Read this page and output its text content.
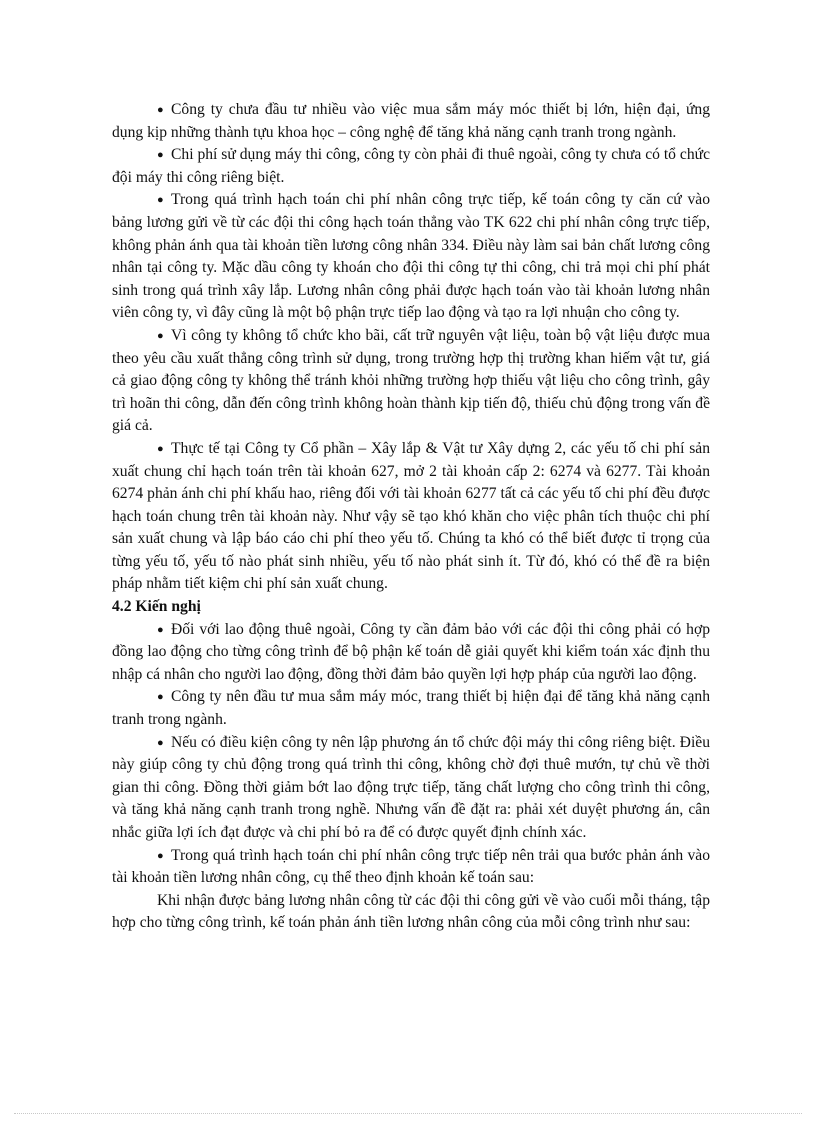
● Công ty chưa đầu tư nhiều vào việc mua sắm máy móc thiết bị lớn, hiện đại, ứng dụng kịp những thành tựu khoa học – công nghệ để tăng khả năng cạnh tranh trong ngành.

● Chi phí sử dụng máy thi công, công ty còn phải đi thuê ngoài, công ty chưa có tổ chức đội máy thi công riêng biệt.

● Trong quá trình hạch toán chi phí nhân công trực tiếp, kế toán công ty căn cứ vào bảng lương gửi về từ các đội thi công hạch toán thẳng vào TK 622 chi phí nhân công trực tiếp, không phản ánh qua tài khoản tiền lương công nhân 334. Điều này làm sai bản chất lương công nhân tại công ty. Mặc dầu công ty khoán cho đội thi công tự thi công, chi trả mọi chi phí phát sinh trong quá trình xây lắp. Lương nhân công phải được hạch toán vào tài khoản lương nhân viên công ty, vì đây cũng là một bộ phận trực tiếp lao động và tạo ra lợi nhuận cho công ty.

● Vì công ty không tổ chức kho bãi, cất trữ nguyên vật liệu, toàn bộ vật liệu được mua theo yêu cầu xuất thẳng công trình sử dụng, trong trường hợp thị trường khan hiếm vật tư, giá cả giao động công ty không thể tránh khỏi những trường hợp thiếu vật liệu cho công trình, gây trì hoãn thi công, dẫn đến công trình không hoàn thành kịp tiến độ, thiếu chủ động trong vấn đề giá cả.

● Thực tế tại Công ty Cổ phần – Xây lắp & Vật tư Xây dựng 2, các yếu tố chi phí sản xuất chung chỉ hạch toán trên tài khoản 627, mở 2 tài khoản cấp 2: 6274 và 6277. Tài khoản 6274 phản ánh chi phí khấu hao, riêng đối với tài khoản 6277 tất cả các yếu tố chi phí đều được hạch toán chung trên tài khoản này. Như vậy sẽ tạo khó khăn cho việc phân tích thuộc chi phí sản xuất chung và lập báo cáo chi phí theo yếu tố. Chúng ta khó có thể biết được tỉ trọng của từng yếu tố, yếu tố nào phát sinh nhiều, yếu tố nào phát sinh ít. Từ đó, khó có thể đề ra biện pháp nhằm tiết kiệm chi phí sản xuất chung.

4.2 Kiến nghị

● Đối với lao động thuê ngoài, Công ty cần đảm bảo với các đội thi công phải có hợp đồng lao động cho từng công trình để bộ phận kế toán dễ giải quyết khi kiểm toán xác định thu nhập cá nhân cho người lao động, đồng thời đảm bảo quyền lợi hợp pháp của người lao động.

● Công ty nên đầu tư mua sắm máy móc, trang thiết bị hiện đại để tăng khả năng cạnh tranh trong ngành.

● Nếu có điều kiện công ty nên lập phương án tổ chức đội máy thi công riêng biệt. Điều này giúp công ty chủ động trong quá trình thi công, không chờ đợi thuê mướn, tự chủ về thời gian thi công. Đồng thời giảm bớt lao động trực tiếp, tăng chất lượng cho công trình thi công, và tăng khả năng cạnh tranh trong nghề. Nhưng vấn đề đặt ra: phải xét duyệt phương án, cân nhắc giữa lợi ích đạt được và chi phí bỏ ra để có được quyết định chính xác.

● Trong quá trình hạch toán chi phí nhân công trực tiếp nên trải qua bước phản ánh vào tài khoản tiền lương nhân công, cụ thể theo định khoản kế toán sau:

Khi nhận được bảng lương nhân công từ các đội thi công gửi về vào cuối mỗi tháng, tập hợp cho từng công trình, kế toán phản ánh tiền lương nhân công của mỗi công trình như sau:
